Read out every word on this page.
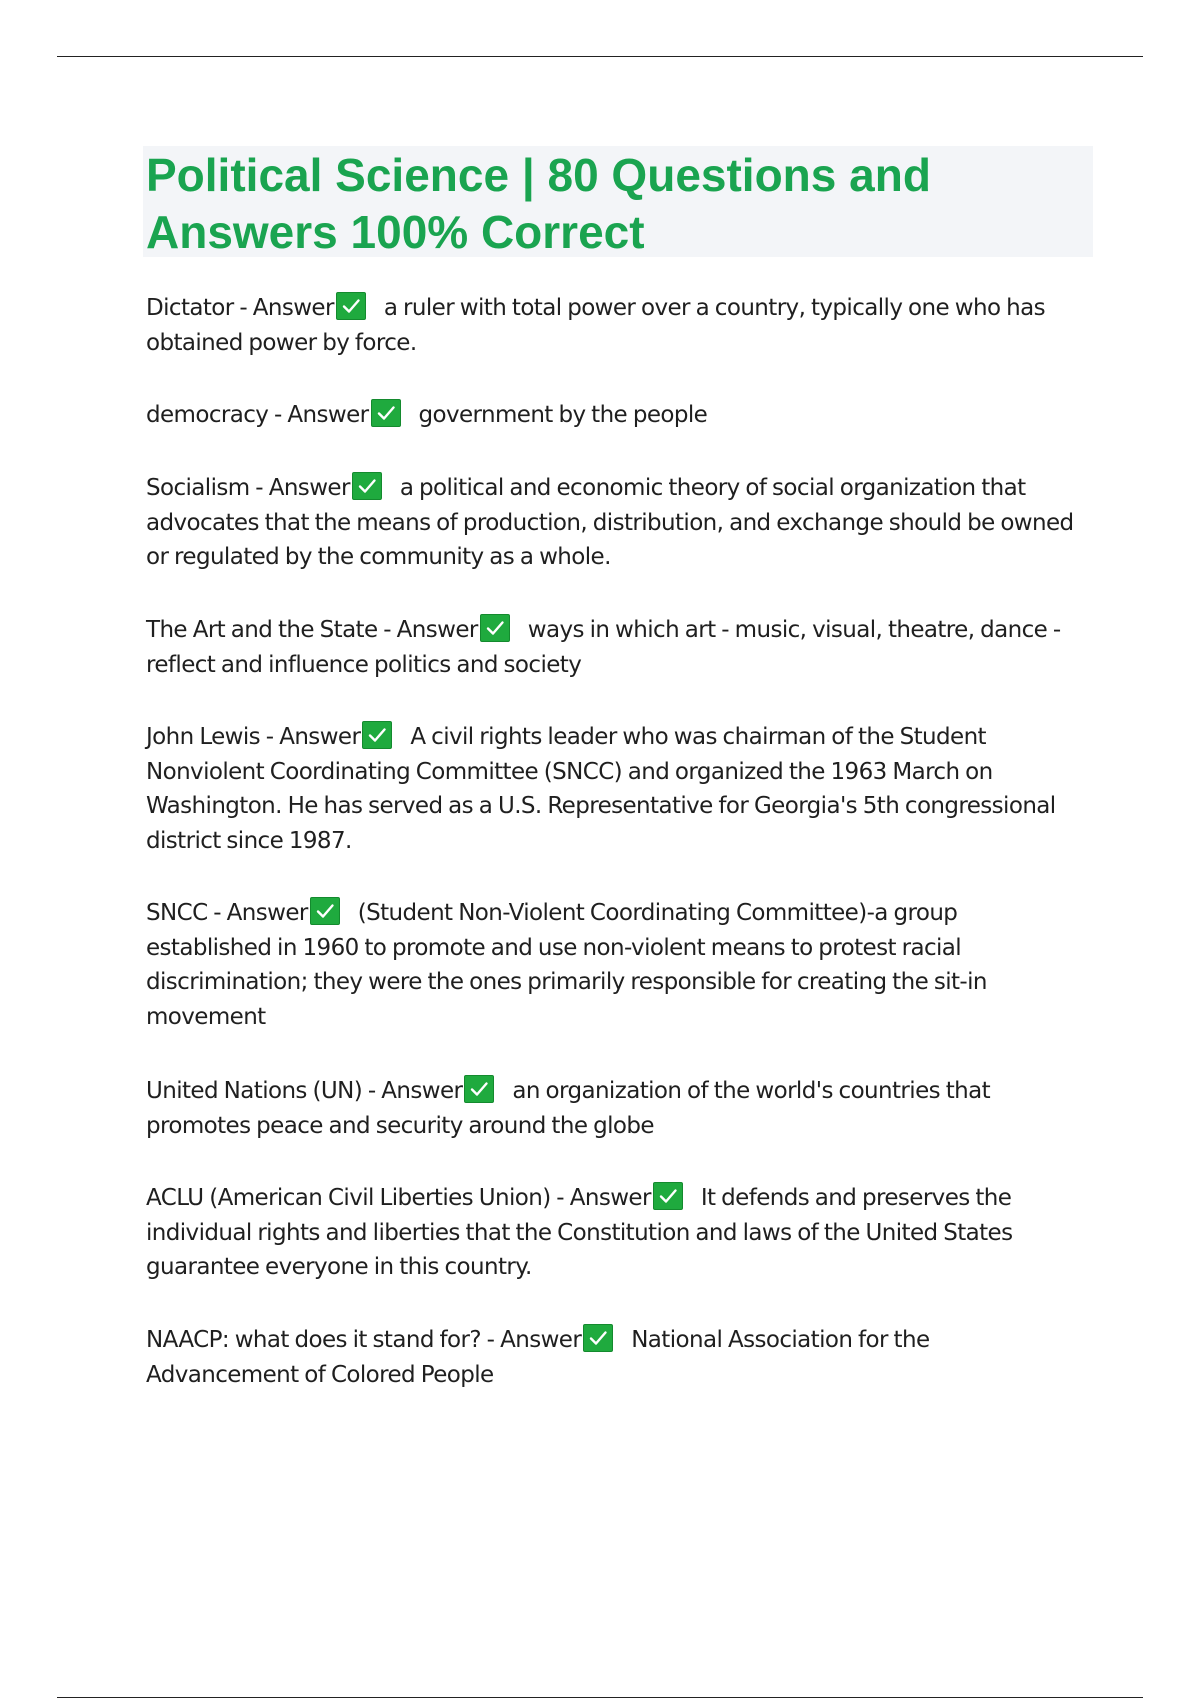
Political Science | 80 Questions and Answers 100% Correct

Dictator - Answer a ruler with total power over a country, typically one who has obtained power by force.

democracy - Answer government by the people

Socialism - Answer a political and economic theory of social organization that advocates that the means of production, distribution, and exchange should be owned or regulated by the community as a whole.

The Art and the State - Answer ways in which art - music, visual, theatre, dance - reflect and influence politics and society

John Lewis - Answer A civil rights leader who was chairman of the Student Nonviolent Coordinating Committee (SNCC) and organized the 1963 March on Washington. He has served as a U.S. Representative for Georgia's 5th congressional district since 1987.

SNCC - Answer (Student Non-Violent Coordinating Committee)-a group established in 1960 to promote and use non-violent means to protest racial discrimination; they were the ones primarily responsible for creating the sit-in movement

United Nations (UN) - Answer an organization of the world's countries that promotes peace and security around the globe

ACLU (American Civil Liberties Union) - Answer It defends and preserves the individual rights and liberties that the Constitution and laws of the United States guarantee everyone in this country.

NAACP: what does it stand for? - Answer National Association for the Advancement of Colored People
